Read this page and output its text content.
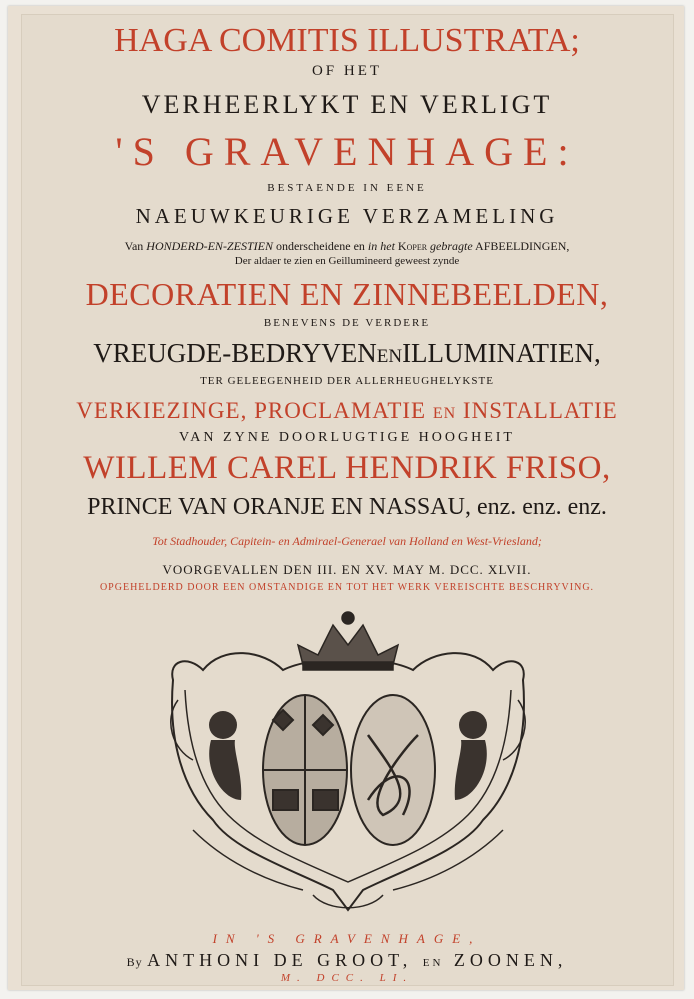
HAGA COMITIS ILLUSTRATA;
OF HET
VERHEERLYKT EN VERLIGT
'S GRAVENHAGE:
BESTAENDE IN EENE
NAEUWKEURIGE VERZAMELING
Van HONDERD-EN-ZESTIEN onderscheidene en in het Koper gebragte AFBEELDINGEN,
Der aldaer te zien en Geillumineerd geweest zynde
DECORATIEN EN ZINNEBEELDEN,
BENEVENS DE VERDERE
VREUGDE-BEDRYVENENILLUMINATIEN,
TER GELEEGENHEID DER ALLERHEUGHELYKSTE
VERKIEZINGE, PROCLAMATIE EN INSTALLATIE
VAN ZYNE DOORLUGTIGE HOOGHEIT
WILLEM CAREL HENDRIK FRISO,
PRINCE VAN ORANJE EN NASSAU, enz. enz. enz.
Tot Stadhouder, Capitein- en Admirael-Generael van Holland en West-Vriesland;
VOORGEVALLEN DEN III. EN XV. MAY M. DCC. XLVII.
OPGEHELDERD DOOR EEN OMSTANDIGE EN TOT HET WERK VEREISCHTE BESCHRYVING.
IN 'S GRAVENHAGE,
By ANTHONI DE GROOT, EN ZOONEN,
M. DCC. LI.
